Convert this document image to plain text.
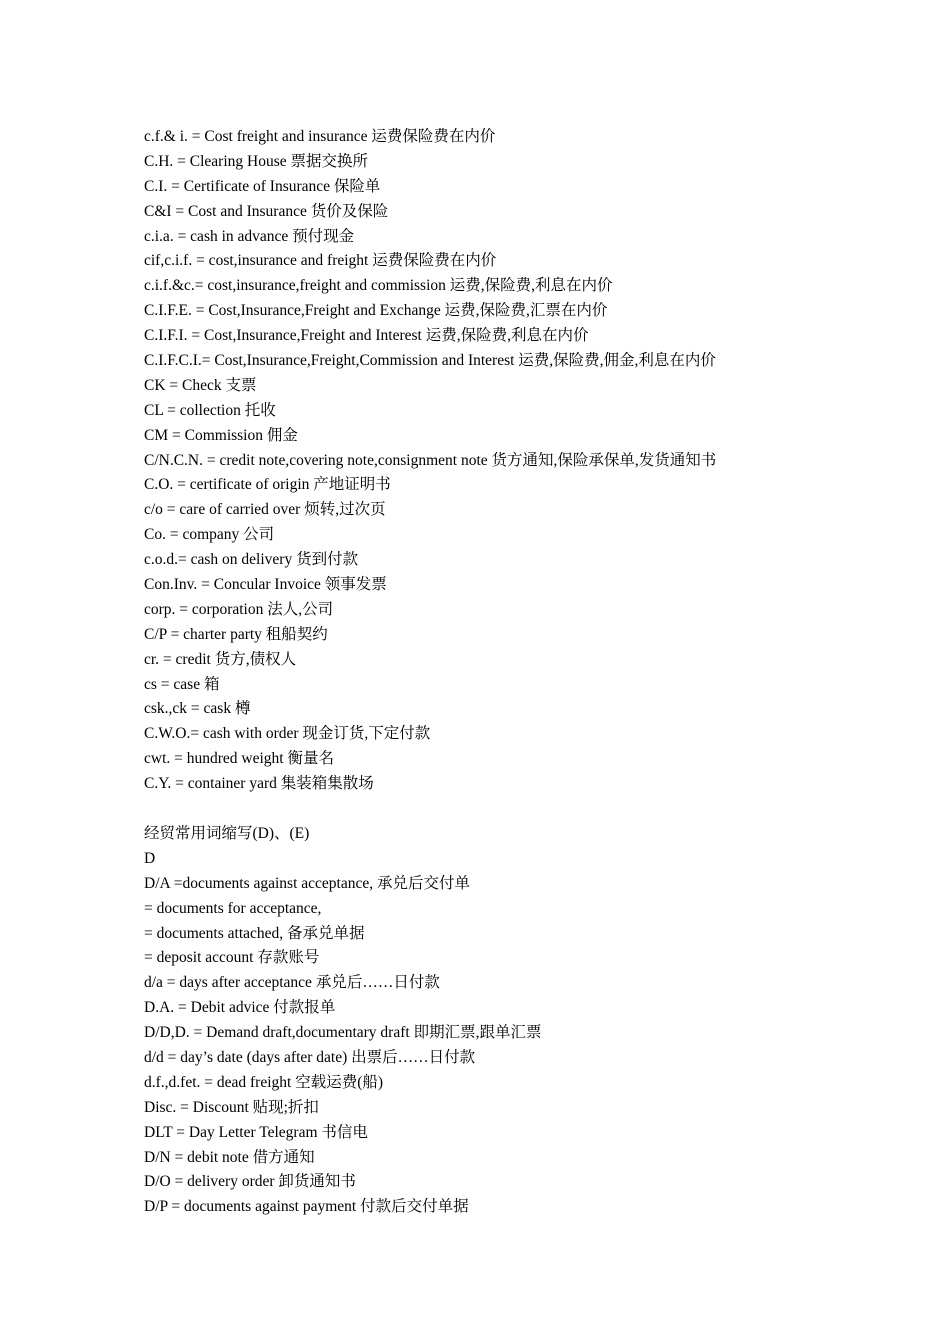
c.f.& i. = Cost freight and insurance 运费保险费在内价
C.H. = Clearing House 票据交换所
C.I. = Certificate of Insurance 保险单
C&I = Cost and Insurance 货价及保险
c.i.a. = cash in advance 预付现金
cif,c.i.f. = cost,insurance and freight 运费保险费在内价
c.i.f.&c.= cost,insurance,freight and commission 运费,保险费,利息在内价
C.I.F.E. = Cost,Insurance,Freight and Exchange 运费,保险费,汇票在内价
C.I.F.I. = Cost,Insurance,Freight and Interest 运费,保险费,利息在内价
C.I.F.C.I.= Cost,Insurance,Freight,Commission and Interest 运费,保险费,佣金,利息在内价
CK = Check 支票
CL = collection 托收
CM = Commission 佣金
C/N.C.N. = credit note,covering note,consignment note 货方通知,保险承保单,发货通知书
C.O. = certificate of origin 产地证明书
c/o = care of carried over 烦转,过次页
Co. = company 公司
c.o.d.= cash on delivery 货到付款
Con.Inv. = Concular Invoice 领事发票
corp. = corporation 法人,公司
C/P = charter party 租船契约
cr. = credit 货方,债权人
cs = case 箱
csk.,ck = cask 樽
C.W.O.= cash with order 现金订货,下定付款
cwt. = hundred weight 衡量名
C.Y. = container yard 集装箱集散场
经贸常用词缩写(D)、(E)
D
D/A =documents against acceptance, 承兑后交付单
= documents for acceptance,
= documents attached, 备承兑单据
= deposit account 存款账号
d/a = days after acceptance 承兑后……日付款
D.A. = Debit advice 付款报单
D/D,D. = Demand draft,documentary draft 即期汇票,跟单汇票
d/d = day’s date (days after date) 出票后……日付款
d.f.,d.fet. = dead freight 空载运费(船)
Disc. = Discount 贴现;折扣
DLT = Day Letter Telegram 书信电
D/N = debit note 借方通知
D/O = delivery order 卸货通知书
D/P = documents against payment 付款后交付单据
